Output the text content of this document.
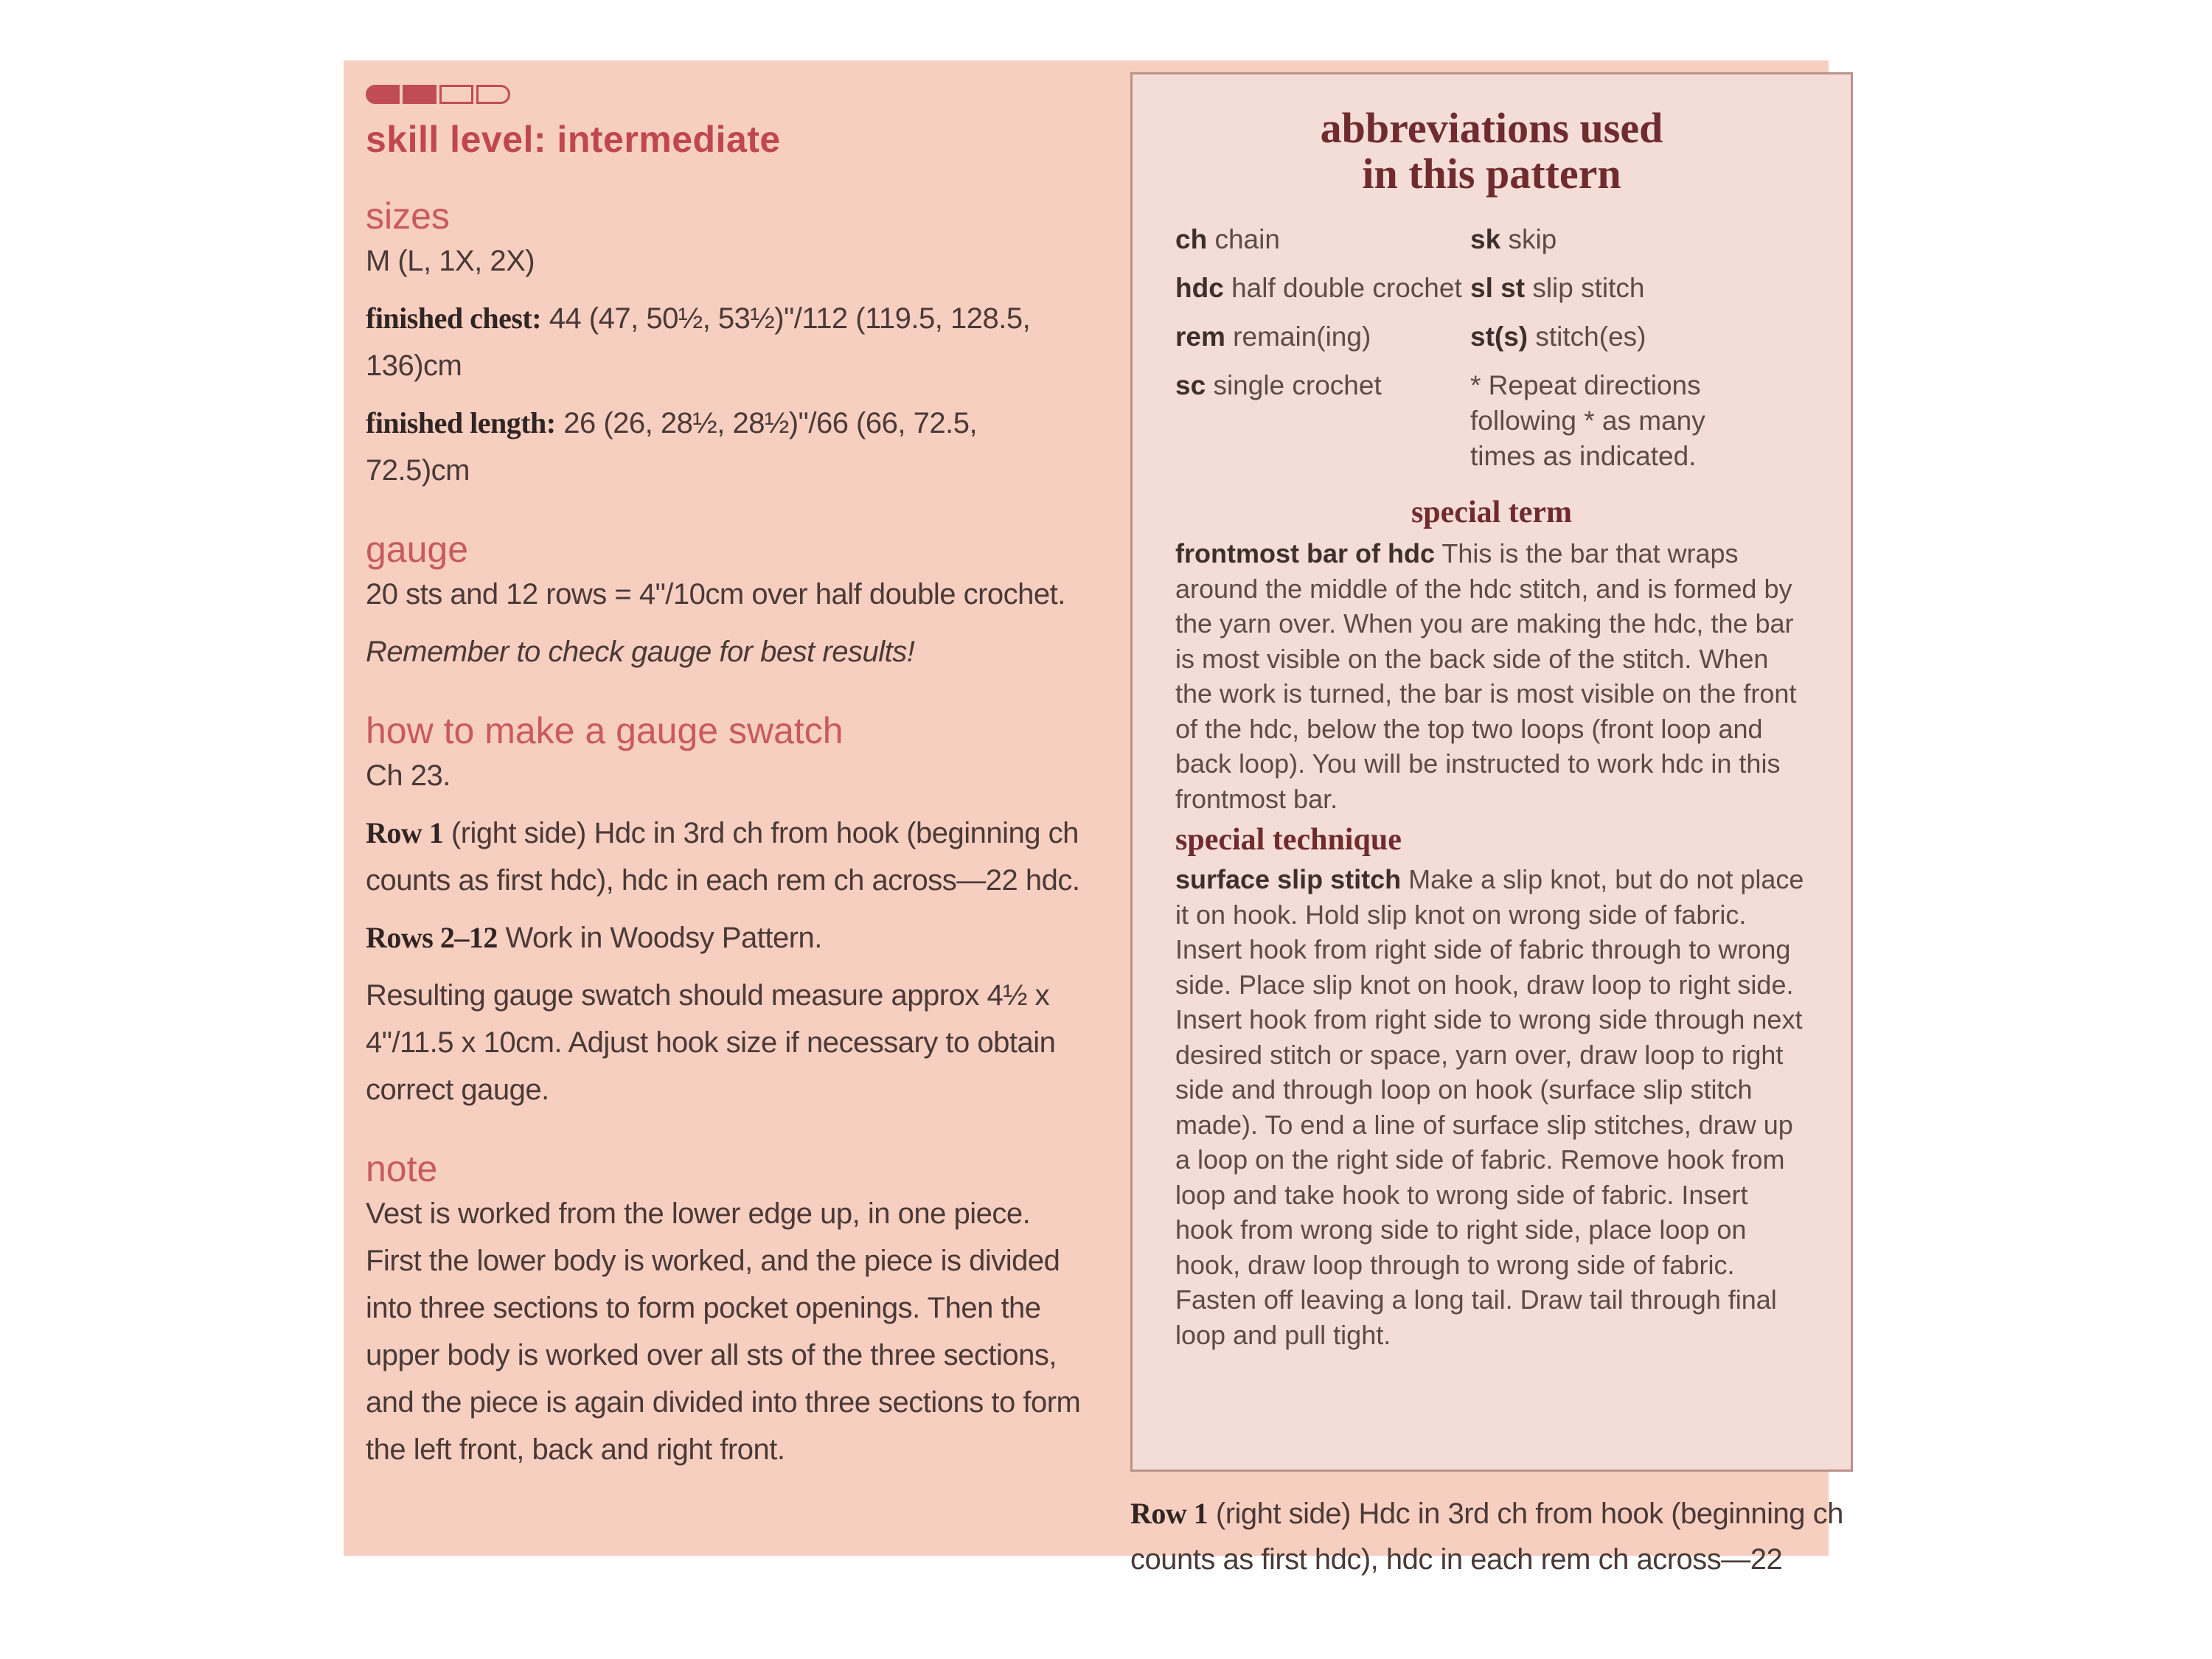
skill level: intermediate
sizes

M (L, 1X, 2X)

finished chest: 44 (47, 50½, 53½)"/112 (119.5, 128.5, 136)cm

finished length: 26 (26, 28½, 28½)"/66 (66, 72.5, 72.5)cm

gauge

20 sts and 12 rows = 4"/10cm over half double crochet.

Remember to check gauge for best results!

how to make a gauge swatch

Ch 23.

Row 1 (right side) Hdc in 3rd ch from hook (beginning ch counts as first hdc), hdc in each rem ch across—22 hdc.

Rows 2–12 Work in Woodsy Pattern.

Resulting gauge swatch should measure approx 4½ x 4"/11.5 x 10cm. Adjust hook size if necessary to obtain correct gauge.

note

Vest is worked from the lower edge up, in one piece. First the lower body is worked, and the piece is divided into three sections to form pocket openings. Then the upper body is worked over all sts of the three sections, and the piece is again divided into three sections to form the left front, back and right front.

abbreviations used
in this pattern

ch chain

hdc half double crochet

rem remain(ing)

sc single crochet

sk skip

sl st slip stitch

st(s) stitch(es)

* Repeat directions following * as many times as indicated.

special term

frontmost bar of hdc This is the bar that wraps around the middle of the hdc stitch, and is formed by the yarn over. When you are making the hdc, the bar is most visible on the back side of the stitch. When the work is turned, the bar is most visible on the front of the hdc, below the top two loops (front loop and back loop). You will be instructed to work hdc in this frontmost bar.

special technique

surface slip stitch Make a slip knot, but do not place it on hook. Hold slip knot on wrong side of fabric. Insert hook from right side of fabric through to wrong side. Place slip knot on hook, draw loop to right side. Insert hook from right side to wrong side through next desired stitch or space, yarn over, draw loop to right side and through loop on hook (surface slip stitch made). To end a line of surface slip stitches, draw up a loop on the right side of fabric. Remove hook from loop and take hook to wrong side of fabric. Insert hook from wrong side to right side, place loop on hook, draw loop through to wrong side of fabric. Fasten off leaving a long tail. Draw tail through final loop and pull tight.

Row 1 (right side) Hdc in 3rd ch from hook (beginning ch
counts as first hdc), hdc in each rem ch across—22
